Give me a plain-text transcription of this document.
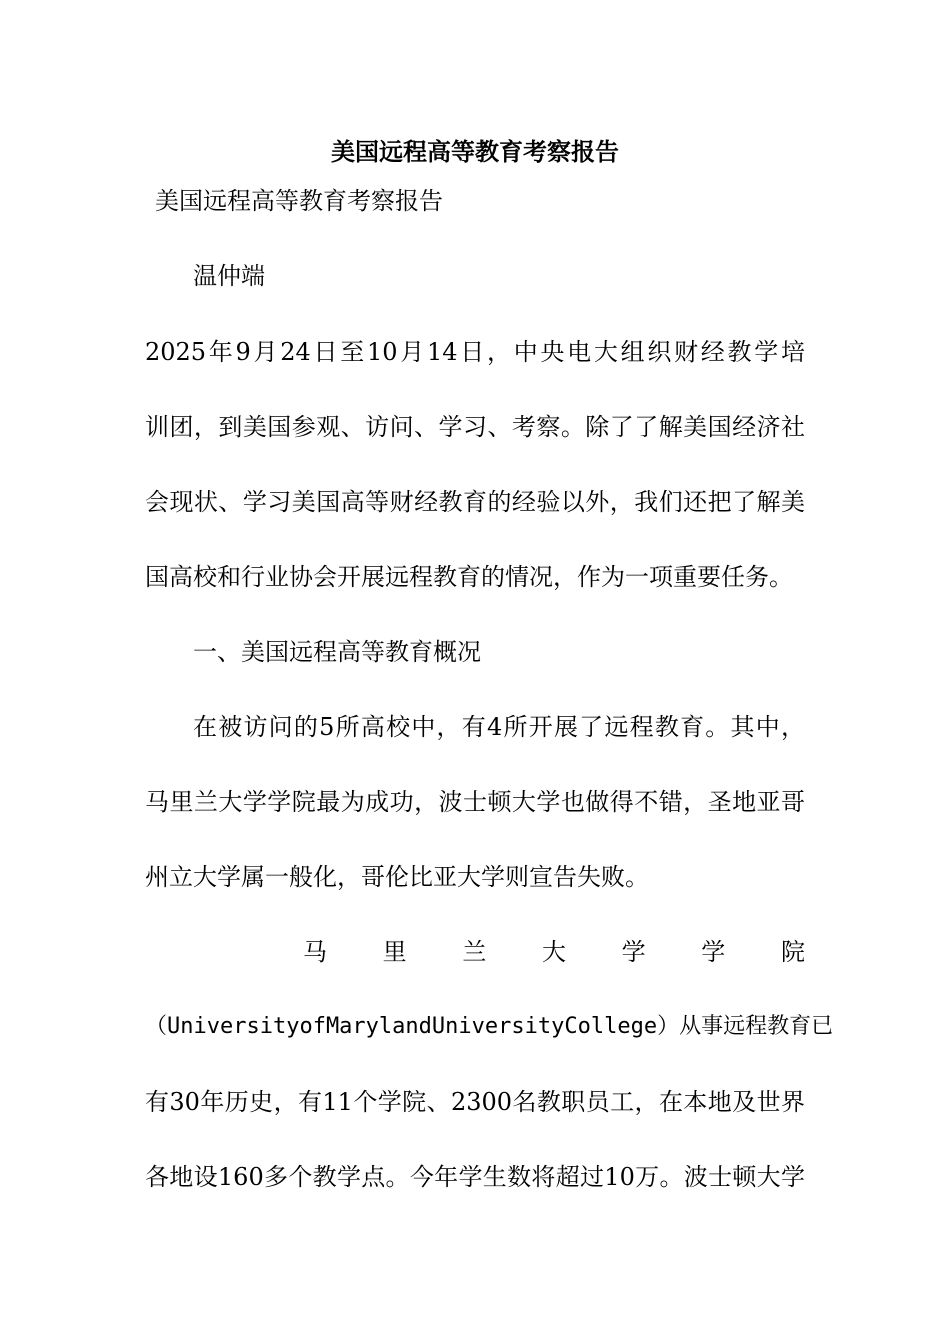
美国远程高等教育考察报告
美国远程高等教育考察报告
温仲端
2025年9月24日至10月14日，中央电大组织财经教学培
训团，到美国参观、访问、学习、考察。除了了解美国经济社
会现状、学习美国高等财经教育的经验以外，我们还把了解美
国高校和行业协会开展远程教育的情况，作为一项重要任务。
一、美国远程高等教育概况
在被访问的5所高校中，有4所开展了远程教育。其中，
马里兰大学学院最为成功，波士顿大学也做得不错，圣地亚哥
州立大学属一般化，哥伦比亚大学则宣告失败。
马 里 兰 大 学 学 院
（UniversityofMarylandUniversityCollege）从事远程教育已
有30年历史，有11个学院、2300名教职员工，在本地及世界
各地设160多个教学点。今年学生数将超过10万。波士顿大学
